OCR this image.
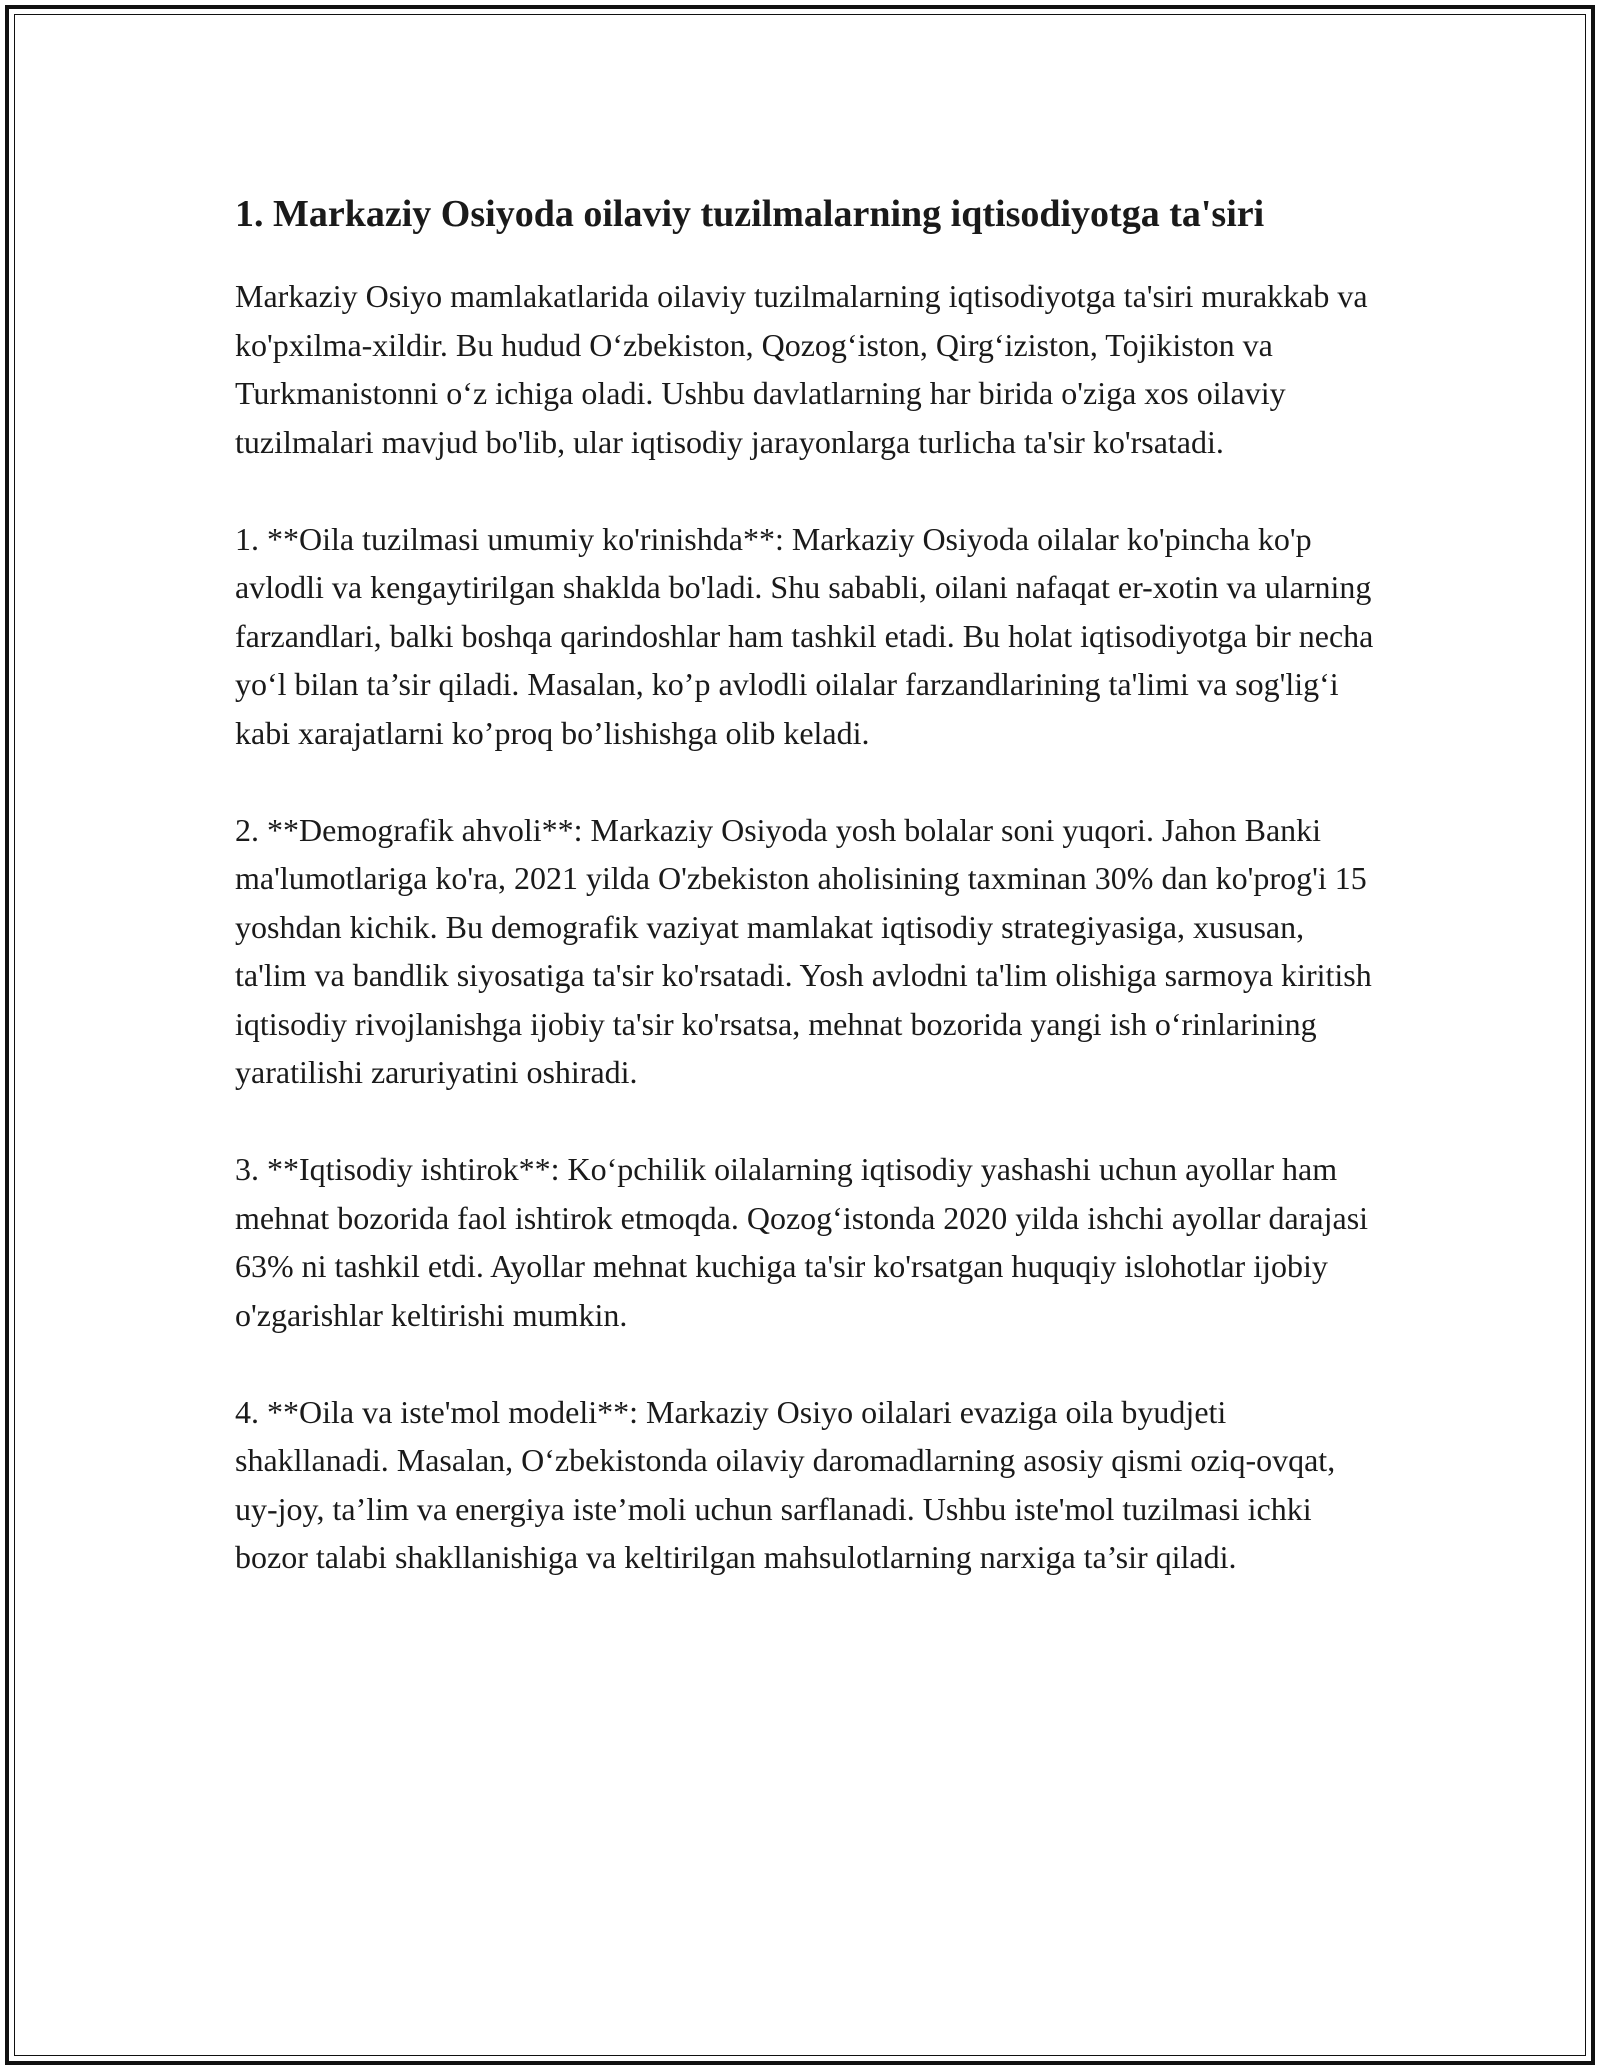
1. Markaziy Osiyoda oilaviy tuzilmalarning iqtisodiyotga ta'siri

Markaziy Osiyo mamlakatlarida oilaviy tuzilmalarning iqtisodiyotga ta'siri murakkab va ko'pxilma-xildir. Bu hudud O‘zbekiston, Qozog‘iston, Qirg‘iziston, Tojikiston va Turkmanistonni o‘z ichiga oladi. Ushbu davlatlarning har birida o'ziga xos oilaviy tuzilmalari mavjud bo'lib, ular iqtisodiy jarayonlarga turlicha ta'sir ko'rsatadi.

1. **Oila tuzilmasi umumiy ko'rinishda**: Markaziy Osiyoda oilalar ko'pincha ko'p avlodli va kengaytirilgan shaklda bo'ladi. Shu sababli, oilani nafaqat er-xotin va ularning farzandlari, balki boshqa qarindoshlar ham tashkil etadi. Bu holat iqtisodiyotga bir necha yo‘l bilan ta’sir qiladi. Masalan, ko’p avlodli oilalar farzandlarining ta'limi va sog'lig‘i kabi xarajatlarni ko’proq bo’lishishga olib keladi.

2. **Demografik ahvoli**: Markaziy Osiyoda yosh bolalar soni yuqori. Jahon Banki ma'lumotlariga ko'ra, 2021 yilda O'zbekiston aholisining taxminan 30% dan ko'prog'i 15 yoshdan kichik. Bu demografik vaziyat mamlakat iqtisodiy strategiyasiga, xususan, ta'lim va bandlik siyosatiga ta'sir ko'rsatadi. Yosh avlodni ta'lim olishiga sarmoya kiritish iqtisodiy rivojlanishga ijobiy ta'sir ko'rsatsa, mehnat bozorida yangi ish o‘rinlarining yaratilishi zaruriyatini oshiradi.

3. **Iqtisodiy ishtirok**: Ko‘pchilik oilalarning iqtisodiy yashashi uchun ayollar ham mehnat bozorida faol ishtirok etmoqda. Qozog‘istonda 2020 yilda ishchi ayollar darajasi 63% ni tashkil etdi. Ayollar mehnat kuchiga ta'sir ko'rsatgan huquqiy islohotlar ijobiy o'zgarishlar keltirishi mumkin.

4. **Oila va iste'mol modeli**: Markaziy Osiyo oilalari evaziga oila byudjeti shakllanadi. Masalan, O‘zbekistonda oilaviy daromadlarning asosiy qismi oziq-ovqat, uy-joy, ta’lim va energiya iste’moli uchun sarflanadi. Ushbu iste'mol tuzilmasi ichki bozor talabi shakllanishiga va keltirilgan mahsulotlarning narxiga ta’sir qiladi.
